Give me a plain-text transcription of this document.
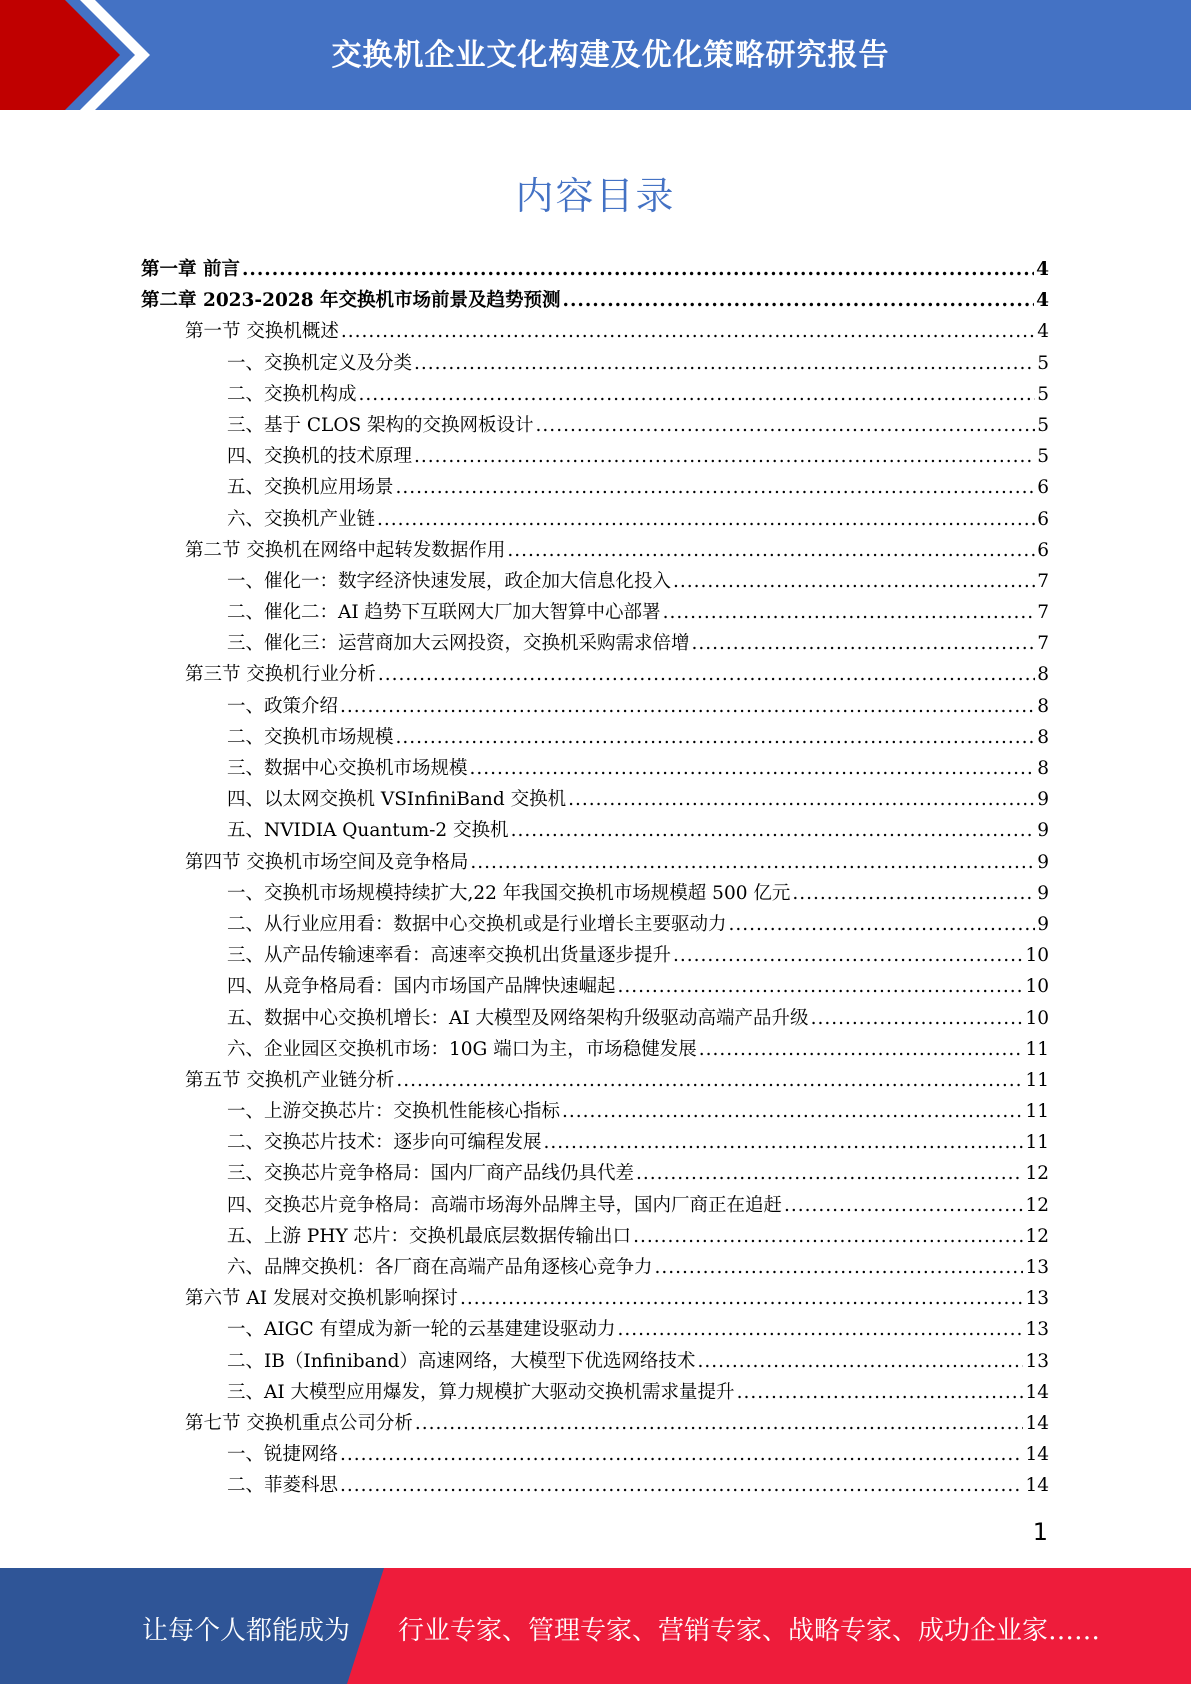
交换机企业文化构建及优化策略研究报告
内容目录
第一章 前言 .....	4
第二章 2023-2028 年交换机市场前景及趋势预测 .....	4
第一节 交换机概述 .....	4
一、交换机定义及分类 .....	5
二、交换机构成 .....	5
三、基于 CLOS 架构的交换网板设计 .....	5
四、交换机的技术原理 .....	5
五、交换机应用场景 .....	6
六、交换机产业链 .....	6
第二节 交换机在网络中起转发数据作用 .....	6
一、催化一：数字经济快速发展，政企加大信息化投入 .....	7
二、催化二：AI 趋势下互联网大厂加大智算中心部署 .....	7
三、催化三：运营商加大云网投资，交换机采购需求倍增 .....	7
第三节 交换机行业分析 .....	8
一、政策介绍 .....	8
二、交换机市场规模 .....	8
三、数据中心交换机市场规模 .....	8
四、以太网交换机 VSInfiniBand 交换机 .....	9
五、NVIDIA Quantum-2 交换机 .....	9
第四节 交换机市场空间及竞争格局 .....	9
一、交换机市场规模持续扩大,22 年我国交换机市场规模超 500 亿元 .....	9
二、从行业应用看：数据中心交换机或是行业增长主要驱动力 .....	9
三、从产品传输速率看：高速率交换机出货量逐步提升 .....	10
四、从竞争格局看：国内市场国产品牌快速崛起 .....	10
五、数据中心交换机增长：AI 大模型及网络架构升级驱动高端产品升级 .....	10
六、企业园区交换机市场：10G 端口为主，市场稳健发展 .....	11
第五节 交换机产业链分析 .....	11
一、上游交换芯片：交换机性能核心指标 .....	11
二、交换芯片技术：逐步向可编程发展 .....	11
三、交换芯片竞争格局：国内厂商产品线仍具代差 .....	12
四、交换芯片竞争格局：高端市场海外品牌主导，国内厂商正在追赶 .....	12
五、上游 PHY 芯片：交换机最底层数据传输出口 .....	12
六、品牌交换机：各厂商在高端产品角逐核心竞争力 .....	13
第六节 AI 发展对交换机影响探讨 .....	13
一、AIGC 有望成为新一轮的云基建建设驱动力 .....	13
二、IB（Infiniband）高速网络，大模型下优选网络技术 .....	13
三、AI 大模型应用爆发，算力规模扩大驱动交换机需求量提升 .....	14
第七节 交换机重点公司分析 .....	14
一、锐捷网络 .....	14
二、菲菱科思 .....	14
1
让每个人都能成为 行业专家、管理专家、营销专家、战略专家、成功企业家……
